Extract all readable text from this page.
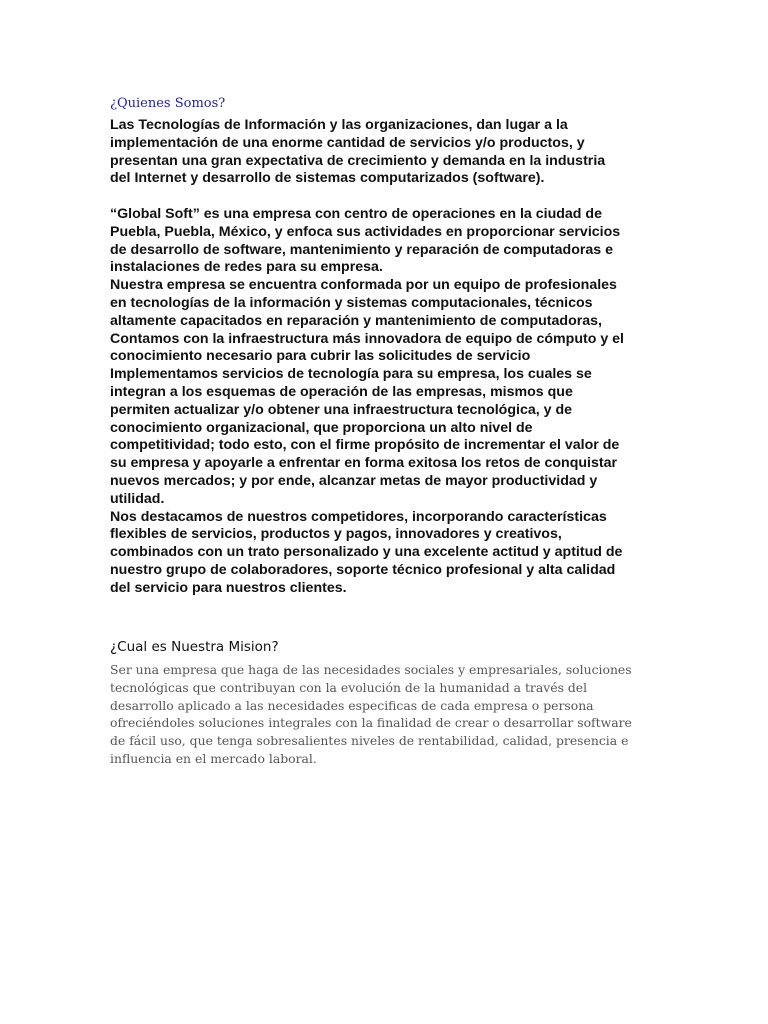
¿Quienes Somos?
Las Tecnologías de Información y las organizaciones, dan lugar a la
implementación de una enorme cantidad de servicios y/o productos, y
presentan una gran expectativa de crecimiento y demanda en la industria
del Internet y desarrollo de sistemas computarizados (software).
“Global Soft” es una empresa con centro de operaciones en la ciudad de
Puebla, Puebla, México, y enfoca sus actividades en proporcionar servicios
de desarrollo de software, mantenimiento y reparación de computadoras e
instalaciones de redes para su empresa.
Nuestra empresa se encuentra conformada por un equipo de profesionales
en tecnologías de la información y sistemas computacionales, técnicos
altamente capacitados en reparación y mantenimiento de computadoras,
Contamos con la infraestructura más innovadora de equipo de cómputo y el
conocimiento necesario para cubrir las solicitudes de servicio
Implementamos servicios de tecnología para su empresa, los cuales se
integran a los esquemas de operación de las empresas, mismos que
permiten actualizar y/o obtener una infraestructura tecnológica, y de
conocimiento organizacional, que proporciona un alto nivel de
competitividad; todo esto, con el firme propósito de incrementar el valor de
su empresa y apoyarle a enfrentar en forma exitosa los retos de conquistar
nuevos mercados; y por ende, alcanzar metas de mayor productividad y
utilidad.
Nos destacamos de nuestros competidores, incorporando características
flexibles de servicios, productos y pagos, innovadores y creativos,
combinados con un trato personalizado y una excelente actitud y aptitud de
nuestro grupo de colaboradores, soporte técnico profesional y alta calidad
del servicio para nuestros clientes.
¿Cual es Nuestra Mision?
Ser una empresa que haga de las necesidades sociales y empresariales, soluciones
tecnológicas que contribuyan con la evolución de la humanidad a través del
desarrollo aplicado a las necesidades especificas de cada empresa o persona
ofreciéndoles soluciones integrales con la finalidad de crear o desarrollar software
de fácil uso, que tenga sobresalientes niveles de rentabilidad, calidad, presencia e
influencia en el mercado laboral.
